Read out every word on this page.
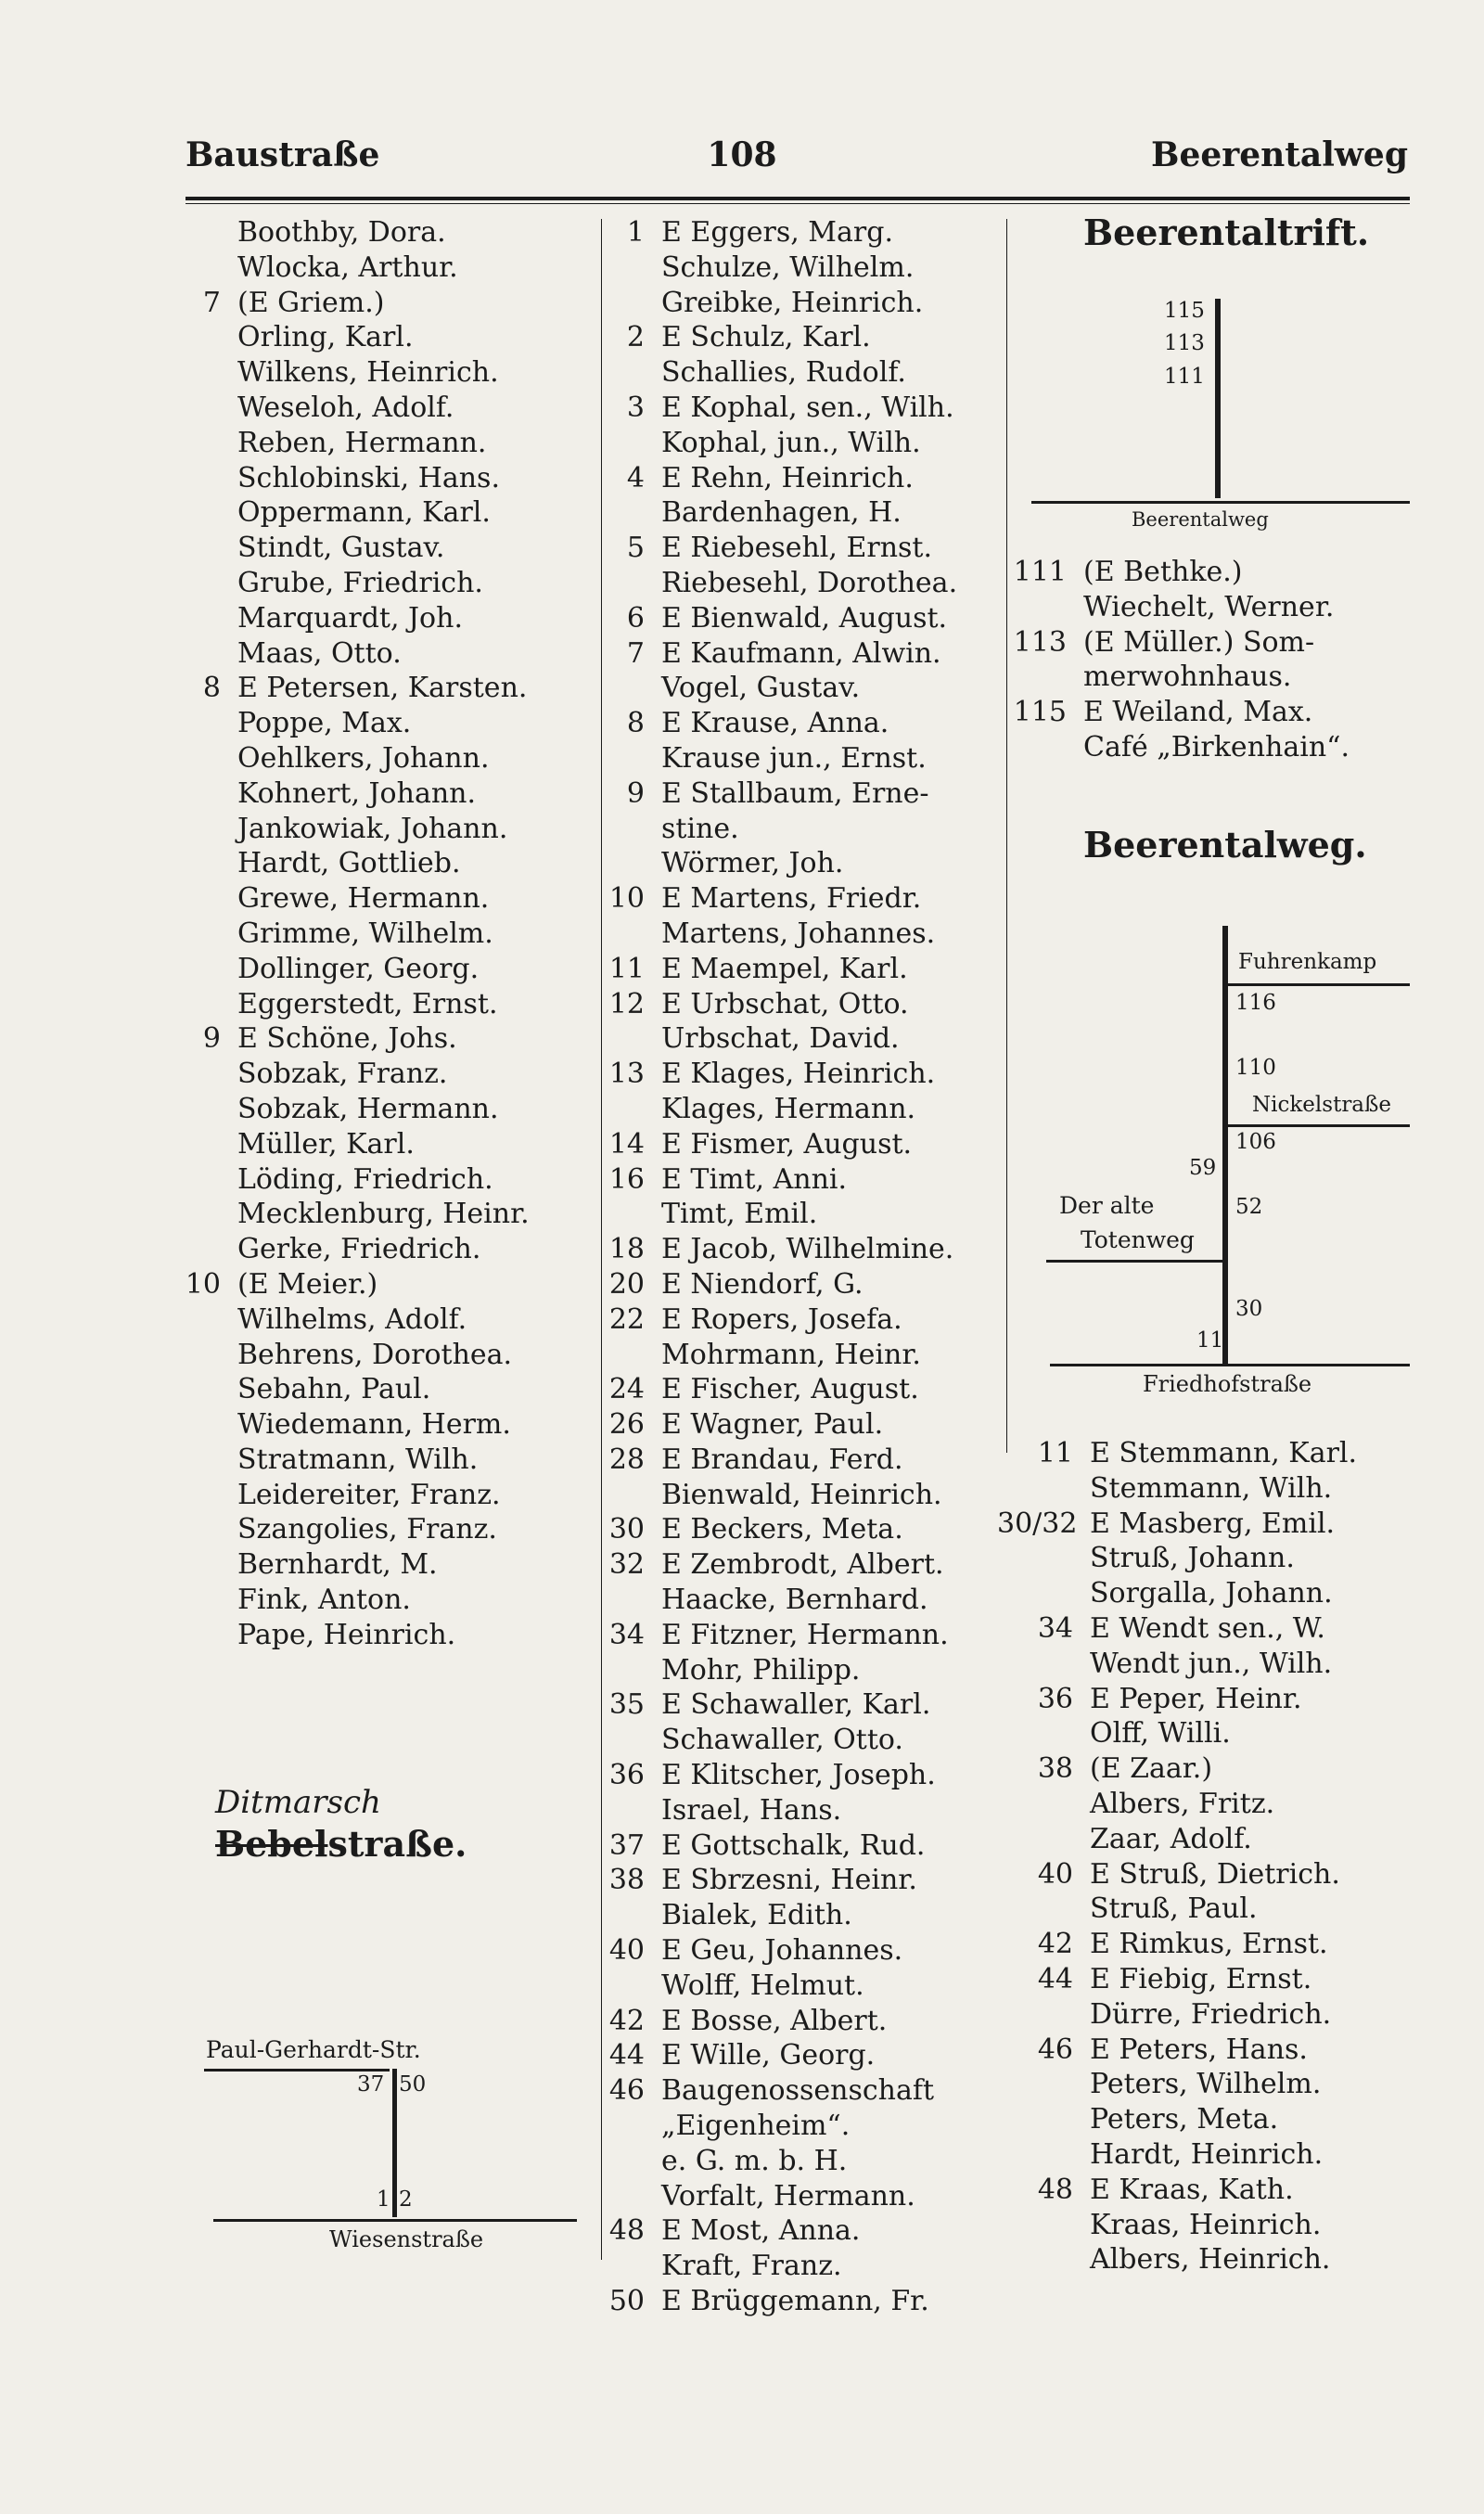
Baustraße	108	Beerentalweg
Boothby, Dora.
Wlocka, Arthur.
7 (E Griem.)
Orling, Karl.
Wilkens, Heinrich.
Weseloh, Adolf.
Reben, Hermann.
Schlobinski, Hans.
Oppermann, Karl.
Stindt, Gustav.
Grube, Friedrich.
Marquardt, Joh.
Maas, Otto.
8 E Petersen, Karsten.
Poppe, Max.
Oehlkers, Johann.
Kohnert, Johann.
Jankowiak, Johann.
Hardt, Gottlieb.
Grewe, Hermann.
Grimme, Wilhelm.
Dollinger, Georg.
Eggerstedt, Ernst.
9 E Schöne, Johs.
Sobzak, Franz.
Sobzak, Hermann.
Müller, Karl.
Löding, Friedrich.
Mecklenburg, Heinr.
Gerke, Friedrich.
10 (E Meier.)
Wilhelms, Adolf.
Behrens, Dorothea.
Sebahn, Paul.
Wiedemann, Herm.
Stratmann, Wilh.
Leidereiter, Franz.
Szangolies, Franz.
Bernhardt, M.
Fink, Anton.
Pape, Heinrich.
Ditmarsch
Bebelstraße.
Paul-Gerhardt-Str.
37 50
1 2
Wiesenstraße
1 E Eggers, Marg.
Schulze, Wilhelm.
Greibke, Heinrich.
2 E Schulz, Karl.
Schallies, Rudolf.
3 E Kophal, sen., Wilh.
Kophal, jun., Wilh.
4 E Rehn, Heinrich.
Bardenhagen, H.
5 E Riebesehl, Ernst.
Riebesehl, Dorothea.
6 E Bienwald, August.
7 E Kaufmann, Alwin.
Vogel, Gustav.
8 E Krause, Anna.
Krause jun., Ernst.
9 E Stallbaum, Erne-
stine.
Wörmer, Joh.
10 E Martens, Friedr.
Martens, Johannes.
11 E Maempel, Karl.
12 E Urbschat, Otto.
Urbschat, David.
13 E Klages, Heinrich.
Klages, Hermann.
14 E Fismer, August.
16 E Timt, Anni.
Timt, Emil.
18 E Jacob, Wilhelmine.
20 E Niendorf, G.
22 E Ropers, Josefa.
Mohrmann, Heinr.
24 E Fischer, August.
26 E Wagner, Paul.
28 E Brandau, Ferd.
Bienwald, Heinrich.
30 E Beckers, Meta.
32 E Zembrodt, Albert.
Haacke, Bernhard.
34 E Fitzner, Hermann.
Mohr, Philipp.
35 E Schawaller, Karl.
Schawaller, Otto.
36 E Klitscher, Joseph.
Israel, Hans.
37 E Gottschalk, Rud.
38 E Sbrzesni, Heinr.
Bialek, Edith.
40 E Geu, Johannes.
Wolff, Helmut.
42 E Bosse, Albert.
44 E Wille, Georg.
46 Baugenossenschaft
„Eigenheim“.
e. G. m. b. H.
Vorfalt, Hermann.
48 E Most, Anna.
Kraft, Franz.
50 E Brüggemann, Fr.
Beerentaltrift.
115
113
111
Beerentalweg
111 (E Bethke.)
Wiechelt, Werner.
113 (E Müller.) Som-
merwohnhaus.
115 E Weiland, Max.
Café „Birkenhain“.
Beerentalweg.
Fuhrenkamp
116
110
Nickelstraße
106
59
52
Der alte
Totenweg
30
11
Friedhofstraße
11 E Stemmann, Karl.
Stemmann, Wilh.
30/32 E Masberg, Emil.
Struß, Johann.
Sorgalla, Johann.
34 E Wendt sen., W.
Wendt jun., Wilh.
36 E Peper, Heinr.
Olff, Willi.
38 (E Zaar.)
Albers, Fritz.
Zaar, Adolf.
40 E Struß, Dietrich.
Struß, Paul.
42 E Rimkus, Ernst.
44 E Fiebig, Ernst.
Dürre, Friedrich.
46 E Peters, Hans.
Peters, Wilhelm.
Peters, Meta.
Hardt, Heinrich.
48 E Kraas, Kath.
Kraas, Heinrich.
Albers, Heinrich.
